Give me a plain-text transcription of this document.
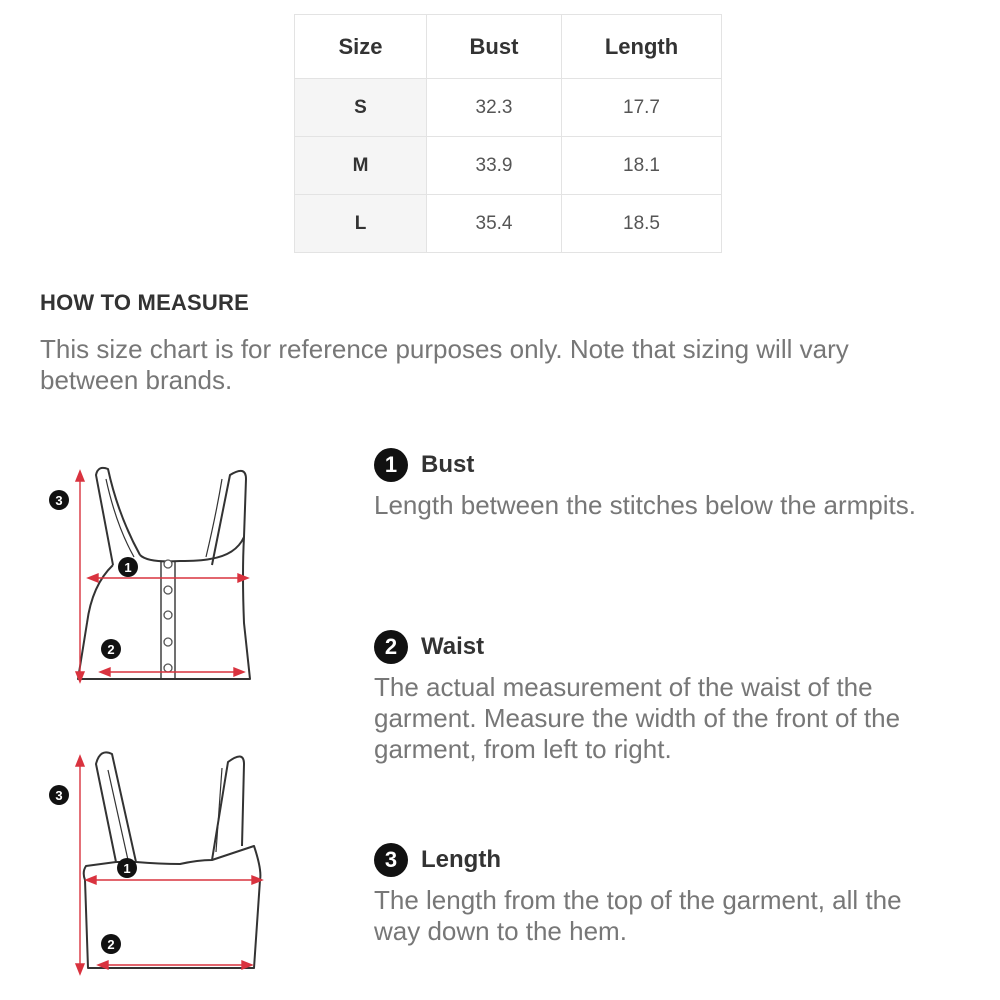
Size	Bust	Length
S	32.3	17.7
M	33.9	18.1
L	35.4	18.5
HOW TO MEASURE

This size chart is for reference purposes only. Note that sizing will vary between brands.

3
1
2
3
1
2
1 Bust

Length between the stitches below the armpits.

2 Waist

The actual measurement of the waist of the garment. Measure the width of the front of the garment, from left to right.

3 Length

The length from the top of the garment, all the way down to the hem.
